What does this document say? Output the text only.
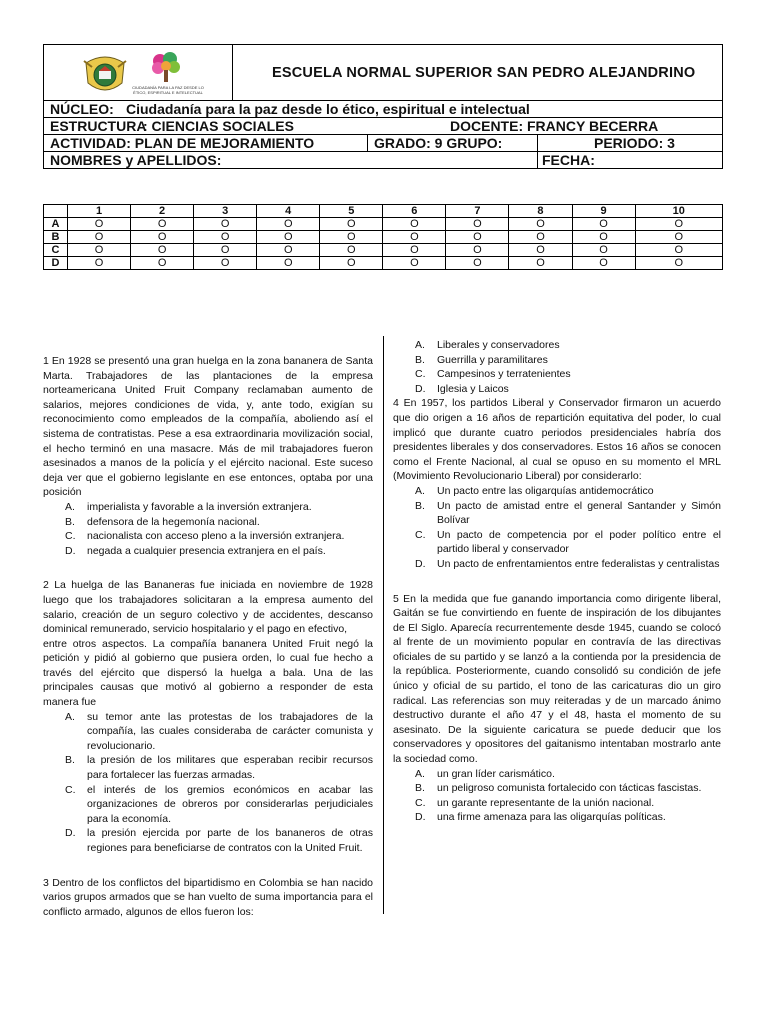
CIUDADANÍA PARA LA PAZ DESDE LO ÉTICO, ESPIRITUAL E INTELECTUAL
ESCUELA NORMAL SUPERIOR SAN PEDRO ALEJANDRINO
NÚCLEO: Ciudadanía para la paz desde lo ético, espiritual e intelectual
ESTRUCTURA
: CIENCIAS SOCIALES	DOCENTE: FRANCY BECERRA
ACTIVIDAD: PLAN DE MEJORAMIENTO	GRADO: 9 GRUPO:	PERIODO: 3
NOMBRES y APELLIDOS:	FECHA:
	1	2	3	4	5	6	7	8	9	10
A	O	O	O	O	O	O	O	O	O	O
B	O	O	O	O	O	O	O	O	O	O
C	O	O	O	O	O	O	O	O	O	O
D	O	O	O	O	O	O	O	O	O	O

1 En 1928 se presentó una gran huelga en la zona bananera de Santa Marta. Trabajadores de las plantaciones de la empresa norteamericana United Fruit Company reclamaban aumento de salarios, mejores condiciones de vida, y, ante todo, exigían su reconocimiento como empleados de la compañía, aboliendo así el sistema de contratistas. Pese a esa extraordinaria movilización social, el hecho terminó en una masacre. Más de mil trabajadores fueron asesinados a manos de la policía y el ejército nacional. Este suceso deja ver que el gobierno legislante en ese entonces, optaba por una posición

A. imperialista y favorable a la inversión extranjera.
B. defensora de la hegemonía nacional.
C. nacionalista con acceso pleno a la inversión extranjera.
D. negada a cualquier presencia extranjera en el país.

2 La huelga de las Bananeras fue iniciada en noviembre de 1928 luego que los trabajadores solicitaran a la empresa aumento del salario, creación de un seguro colectivo y de accidentes, descanso dominical remunerado, servicio hospitalario y el pago en efectivo,

entre otros aspectos. La compañía bananera United Fruit negó la petición y pidió al gobierno que pusiera orden, lo cual fue hecho a través del ejército que dispersó la huelga a bala. Una de las principales causas que motivó al gobierno a responder de esta manera fue

A. su temor ante las protestas de los trabajadores de la compañía, las cuales consideraba de carácter comunista y revolucionario.
B. la presión de los militares que esperaban recibir recursos para fortalecer las fuerzas armadas.
C. el interés de los gremios económicos en acabar las organizaciones de obreros por considerarlas perjudiciales para la economía.
D. la presión ejercida por parte de los bananeros de otras regiones para beneficiarse de contratos con la United Fruit.

3 Dentro de los conflictos del bipartidismo en Colombia se han nacido varios grupos armados que se han vuelto de suma importancia para el conflicto armado, algunos de ellos fueron los:

A. Liberales y conservadores
B. Guerrilla y paramilitares
C. Campesinos y terratenientes
D. Iglesia y Laicos

4 En 1957, los partidos Liberal y Conservador firmaron un acuerdo que dio origen a 16 años de repartición equitativa del poder, lo cual implicó que durante cuatro periodos presidenciales habría dos presidentes liberales y dos conservadores. Estos 16 años se conocen como el Frente Nacional, al cual se opuso en su momento el MRL (Movimiento Revolucionario Liberal) por considerarlo:

A. Un pacto entre las oligarquías antidemocrático
B. Un pacto de amistad entre el general Santander y Simón Bolívar
C. Un pacto de competencia por el poder político entre el partido liberal y conservador
D. Un pacto de enfrentamientos entre federalistas y centralistas

5 En la medida que fue ganando importancia como dirigente liberal, Gaitán se fue convirtiendo en fuente de inspiración de los dibujantes de El Siglo. Aparecía recurrentemente desde 1945, cuando se colocó al frente de un movimiento popular en contravía de las directivas oficiales de su partido y se lanzó a la contienda por la presidencia de la república. Posteriormente, cuando consolidó su condición de jefe único y oficial de su partido, el tono de las caricaturas dio un giro radical. Las referencias son muy reiteradas y de un marcado ánimo destructivo durante el año 47 y el 48, hasta el momento de su asesinato. De la siguiente caricatura se puede deducir que los conservadores y opositores del gaitanismo intentaban mostrarlo ante la sociedad como.

A. un gran líder carismático.
B. un peligroso comunista fortalecido con tácticas fascistas.
C. un garante representante de la unión nacional.
D. una firme amenaza para las oligarquías políticas.
